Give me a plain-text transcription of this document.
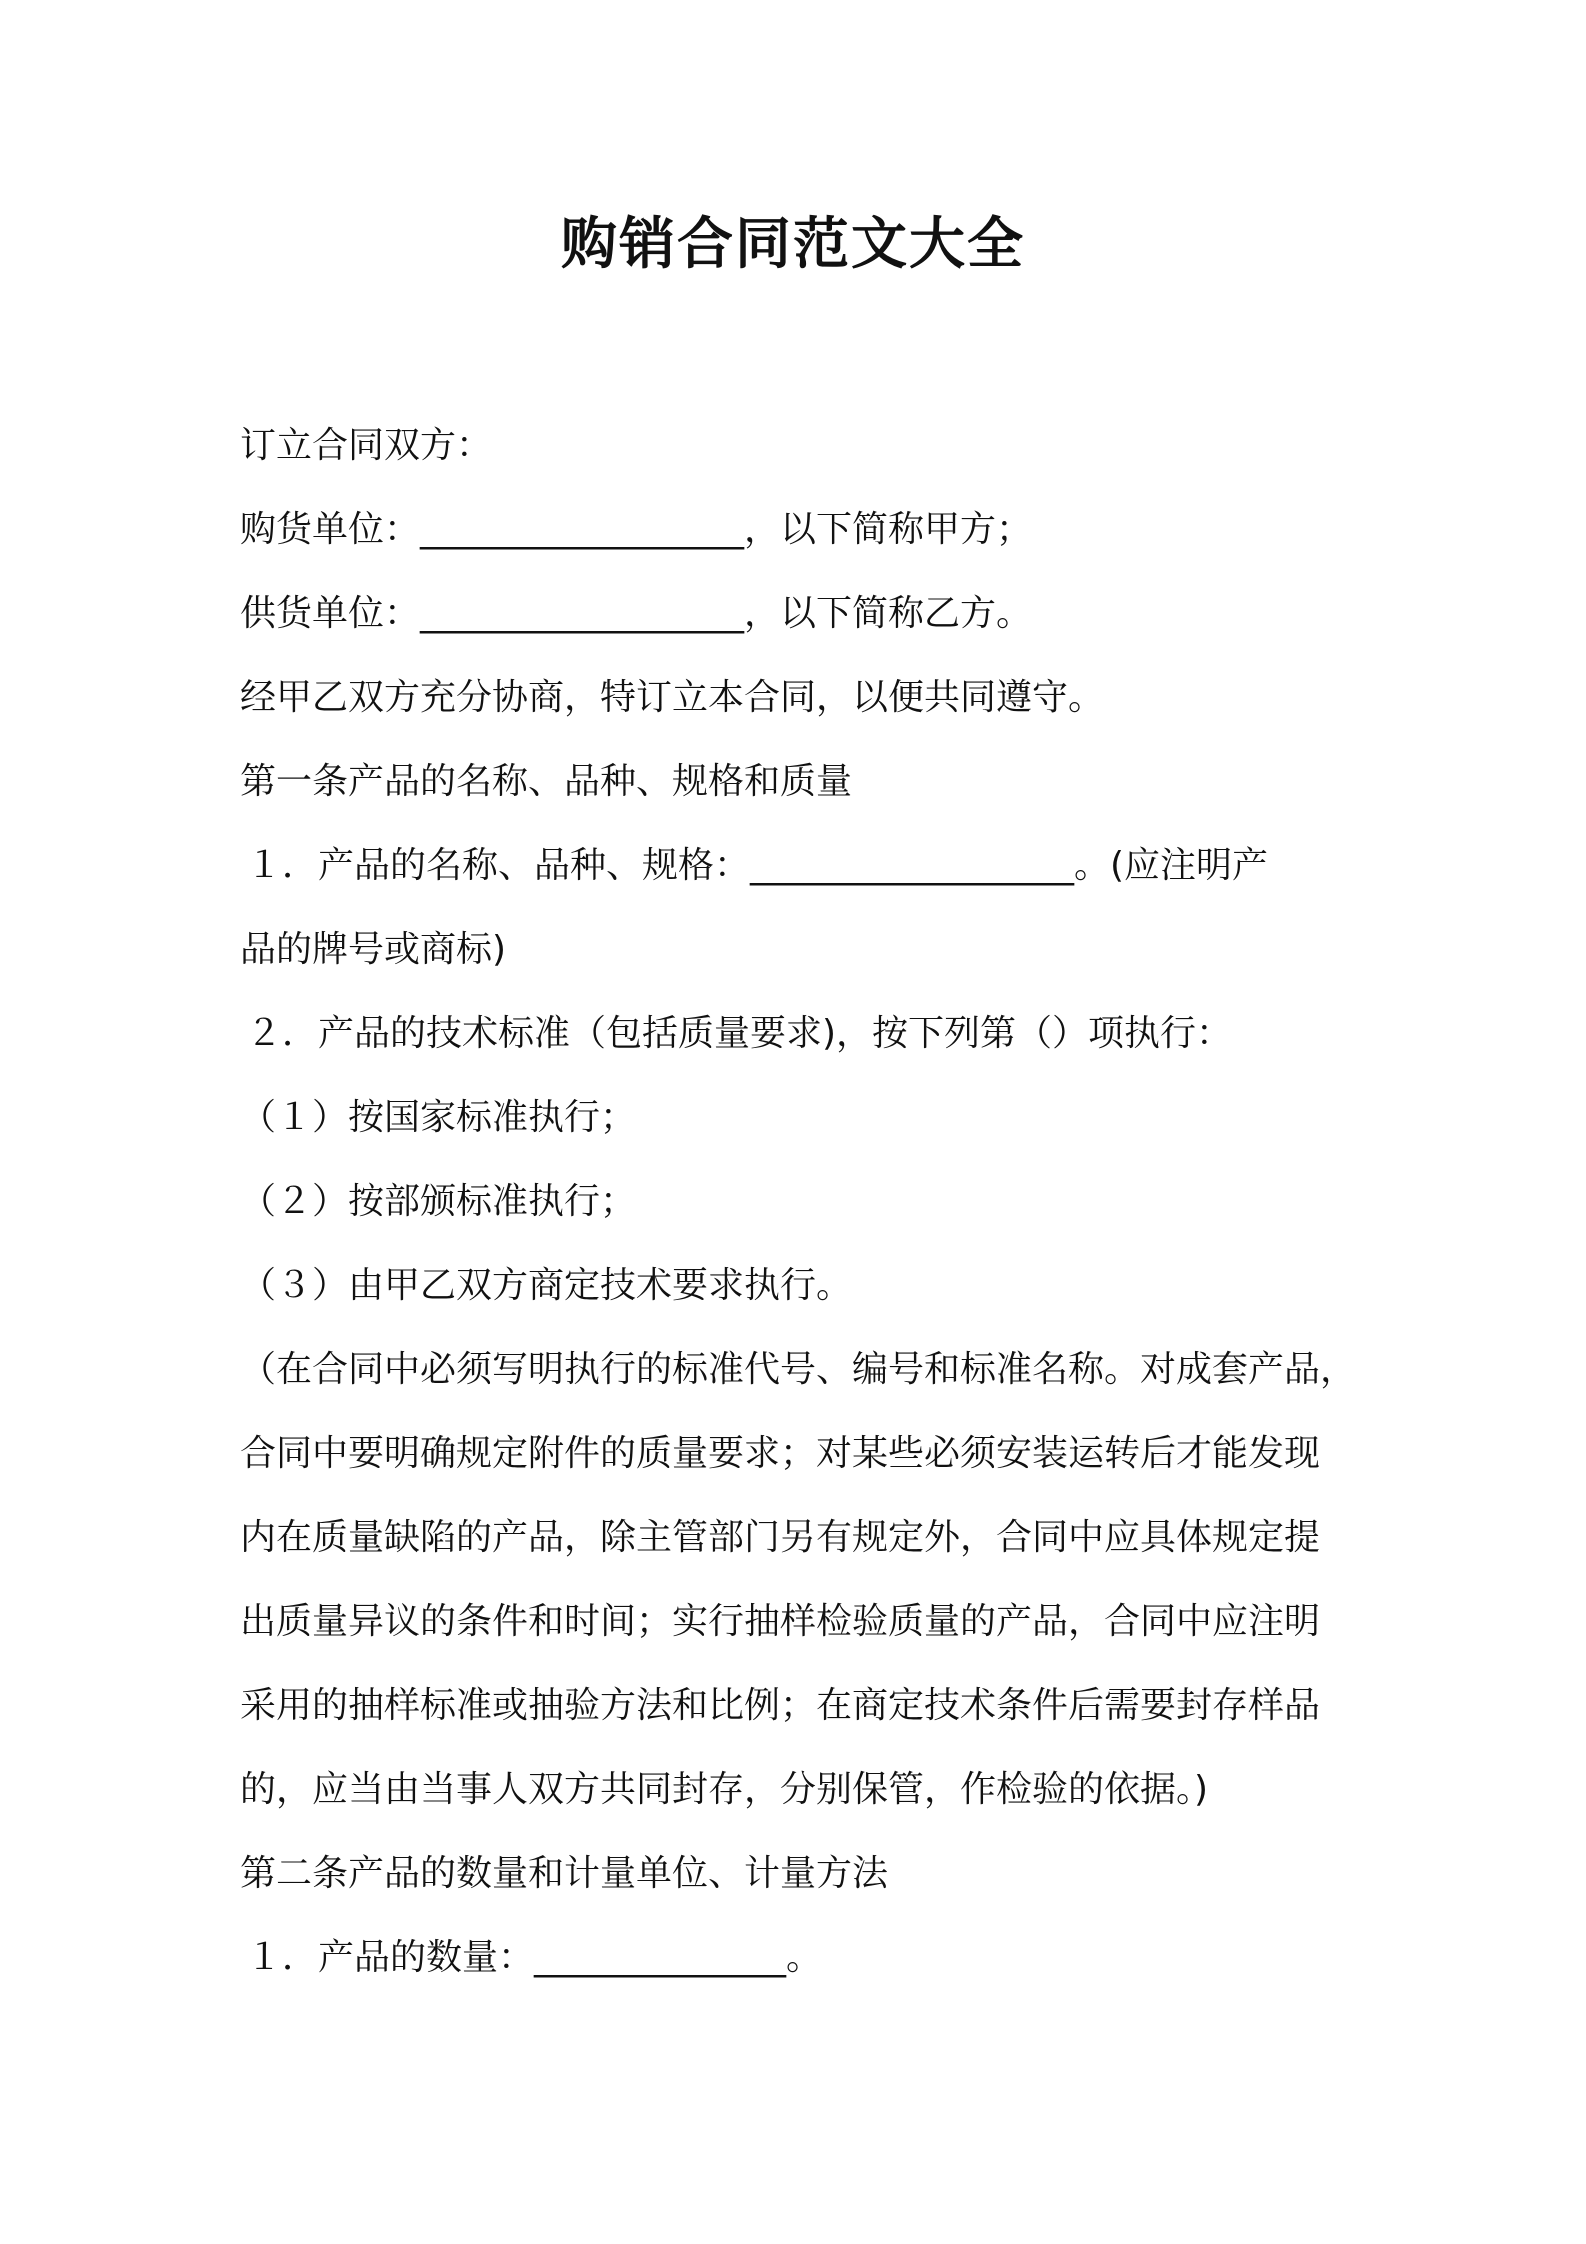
购销合同范文大全
订立合同双方：
购货单位：__________________，以下简称甲方；
供货单位：__________________，以下简称乙方。
经甲乙双方充分协商，特订立本合同，以便共同遵守。
第一条产品的名称、品种、规格和质量
１．产品的名称、品种、规格：__________________。(应注明产
品的牌号或商标)
２．产品的技术标准（包括质量要求)，按下列第（）项执行：
（１）按国家标准执行；
（２）按部颁标准执行；
（３）由甲乙双方商定技术要求执行。
（在合同中必须写明执行的标准代号、编号和标准名称。对成套产品，
合同中要明确规定附件的质量要求；对某些必须安装运转后才能发现
内在质量缺陷的产品，除主管部门另有规定外，合同中应具体规定提
出质量异议的条件和时间；实行抽样检验质量的产品，合同中应注明
采用的抽样标准或抽验方法和比例；在商定技术条件后需要封存样品
的，应当由当事人双方共同封存，分别保管，作检验的依据。)
第二条产品的数量和计量单位、计量方法
１．产品的数量：______________。
